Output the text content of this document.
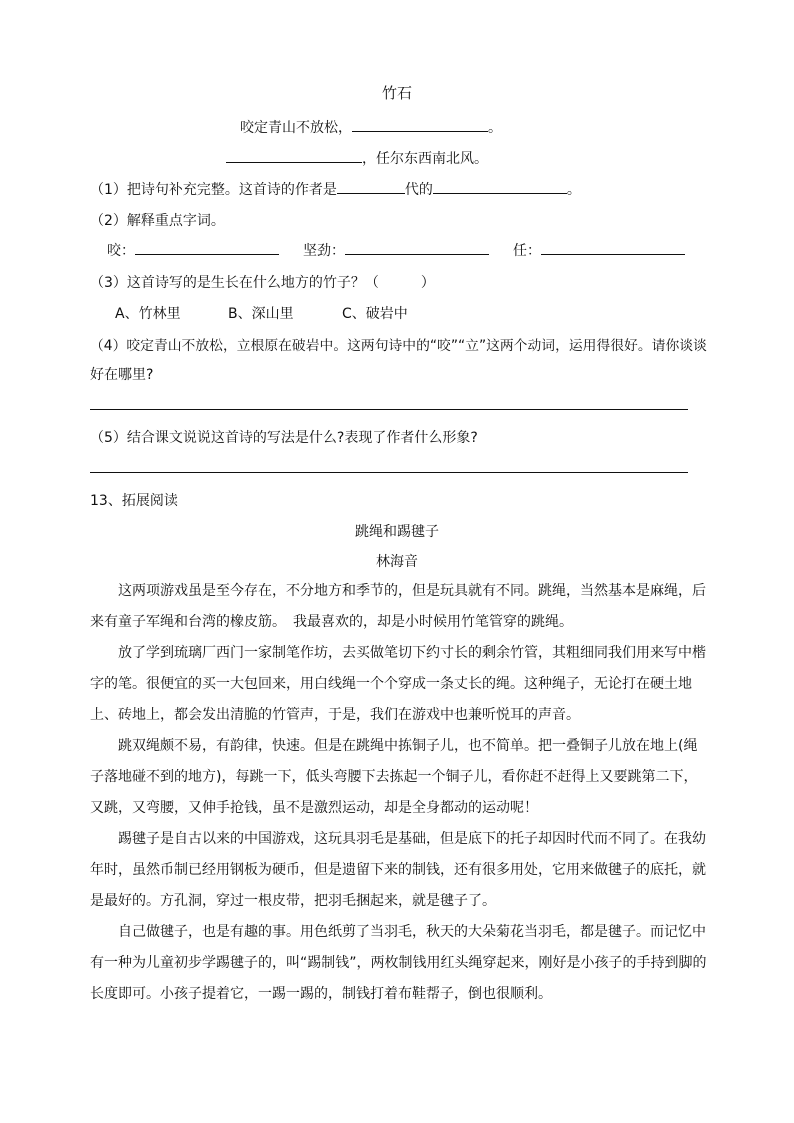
竹石
咬定青山不放松，	。
，任尔东西南北风。
（1）把诗句补充完整。这首诗的作者是	代的	。
（2）解释重点字词。
咬：	坚劲：	任：
（3）这首诗写的是生长在什么地方的竹子？（　　　）
A、竹林里	B、深山里	C、破岩中
（4）咬定青山不放松，立根原在破岩中。这两句诗中的“咬”“立”这两个动词，运用得很好。请你谈谈
好在哪里?
（5）结合课文说说这首诗的写法是什么?表现了作者什么形象?
13、拓展阅读
跳绳和踢毽子
林海音

这两项游戏虽是至今存在，不分地方和季节的，但是玩具就有不同。跳绳，当然基本是麻绳，后来有童子军绳和台湾的橡皮筋。　我最喜欢的，却是小时候用竹笔管穿的跳绳。

放了学到琉璃厂西门一家制笔作坊，去买做笔切下约寸长的剩余竹管，其粗细同我们用来写中楷字的笔。很便宜的买一大包回来，用白线绳一个个穿成一条丈长的绳。这种绳子，无论打在硬土地上、砖地上，都会发出清脆的竹管声，于是，我们在游戏中也兼听悦耳的声音。

跳双绳颇不易，有韵律，快速。但是在跳绳中拣铜子儿，也不简单。把一叠铜子儿放在地上(绳子落地碰不到的地方)，每跳一下，低头弯腰下去拣起一个铜子儿，看你赶不赶得上又要跳第二下，又跳，又弯腰，又伸手抢钱，虽不是激烈运动，却是全身都动的运动呢！

踢毽子是自古以来的中国游戏，这玩具羽毛是基础，但是底下的托子却因时代而不同了。在我幼年时，虽然币制已经用钢板为硬币，但是遗留下来的制钱，还有很多用处，它用来做毽子的底托，就是最好的。方孔洞，穿过一根皮带，把羽毛捆起来，就是毽子了。

自己做毽子，也是有趣的事。用色纸剪了当羽毛，秋天的大朵菊花当羽毛，都是毽子。而记忆中有一种为儿童初步学踢毽子的，叫“踢制钱”，两枚制钱用红头绳穿起来，刚好是小孩子的手持到脚的长度即可。小孩子提着它，一踢一踢的，制钱打着布鞋帮子，倒也很顺利。
